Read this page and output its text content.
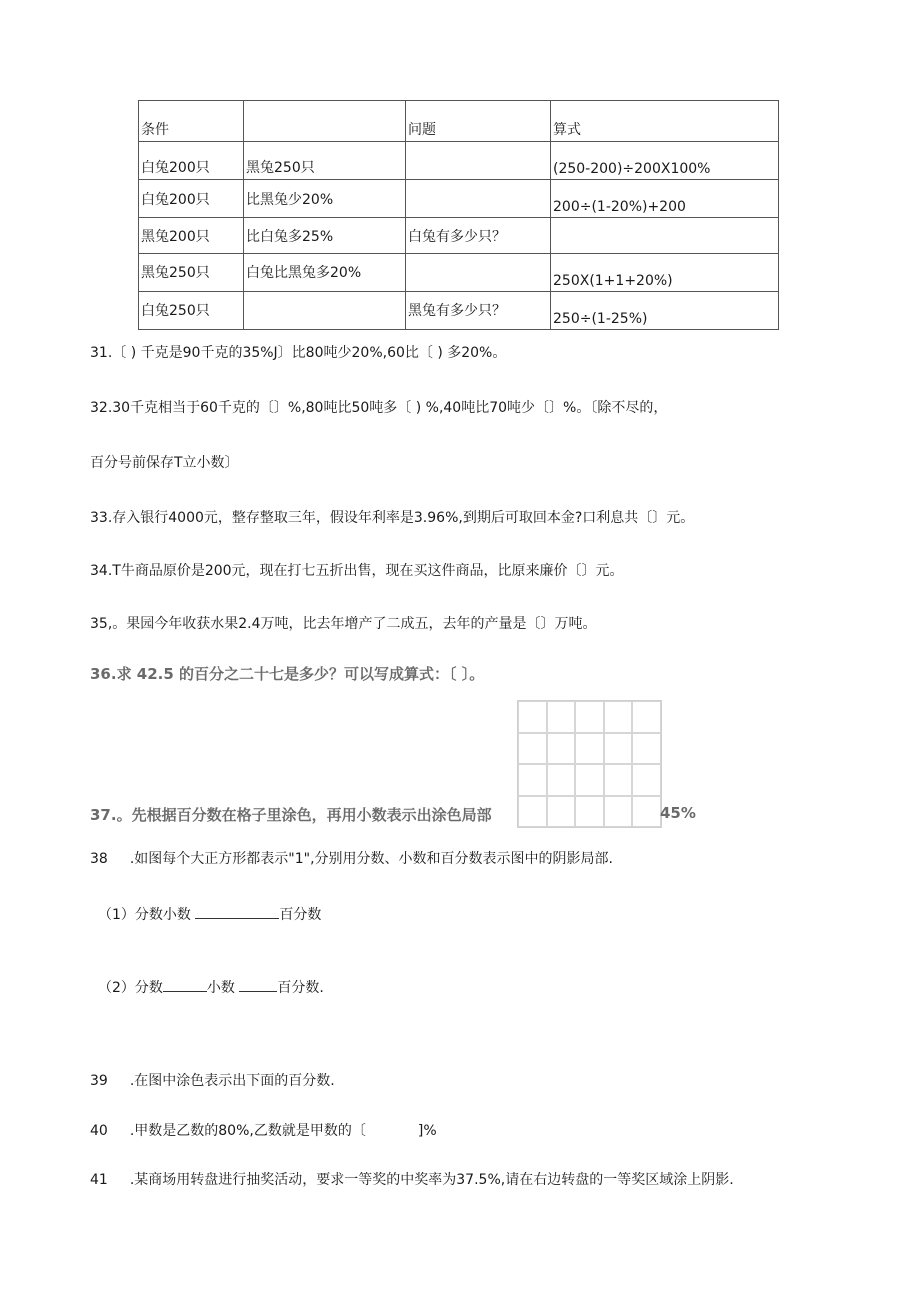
条件		问题	算式
白兔200只	黑兔250只		(250-200)÷200X100%
白兔200只	比黑兔少20%		200÷(1-20%)+200
黑兔200只	比白兔多25%	白兔有多少只？	
黑兔250只	白兔比黑兔多20%		250X(1+1+20%)
白兔250只		黑兔有多少只？	250÷(1-25%)
31.〔 ) 千克是90千克的35%J〕比80吨少20%,60比〔 ) 多20%。
32.30千克相当于60千克的〔〕%,80吨比50吨多〔 ) %,40吨比70吨少〔〕%。〔除不尽的，
百分号前保存T立小数〕
33.存入银行4000元，整存整取三年，假设年利率是3.96%,到期后可取回本金?口利息共〔〕元。
34.T牛商品原价是200元，现在打七五折出售，现在买这件商品，比原来廉价〔〕元。
35,。果园今年收获水果2.4万吨，比去年增产了二成五，去年的产量是〔〕万吨。
36.求 42.5 的百分之二十七是多少？可以写成算式：〔 〕。
37.。先根据百分数在格子里涂色，再用小数表示出涂色局部	45%
38 .如图每个大正方形都表示"1",分别用分数、小数和百分数表示图中的阴影局部.
（1）分数小数	百分数
（2）分数	小数	百分数.
39 .在图中涂色表示出下面的百分数.
40 .甲数是乙数的80%,乙数就是甲数的〔	]%
41 .某商场用转盘进行抽奖活动，要求一等奖的中奖率为37.5%,请在右边转盘的一等奖区域涂上阴影.
